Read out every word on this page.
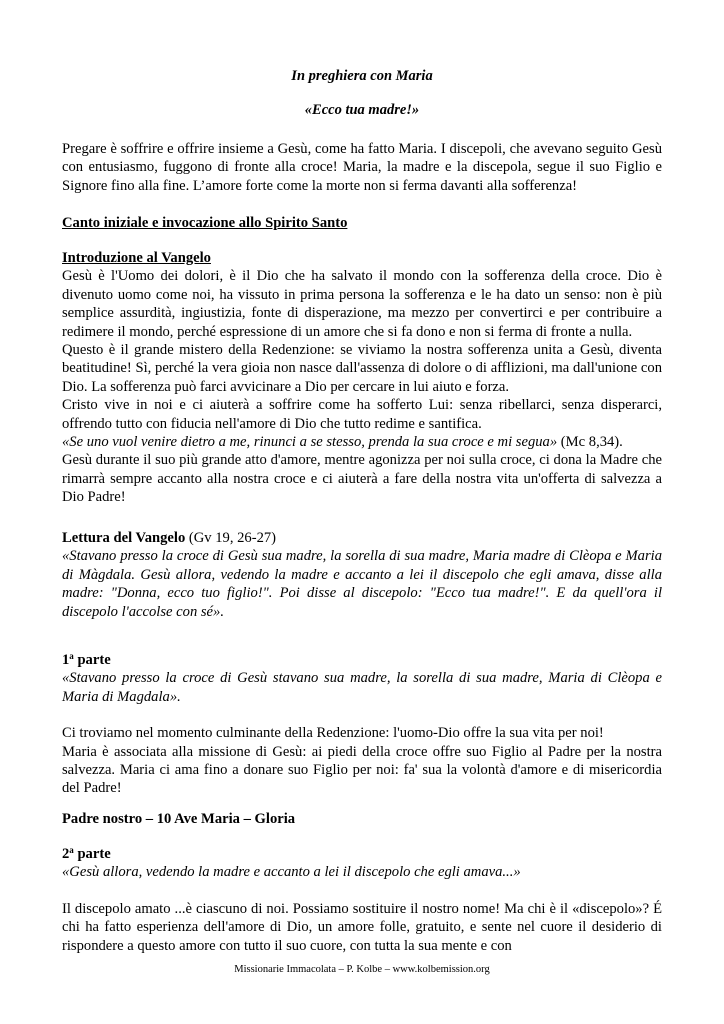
In preghiera con Maria
«Ecco tua madre!»

Pregare è soffrire e offrire insieme a Gesù, come ha fatto Maria. I discepoli, che avevano seguito Gesù con entusiasmo, fuggono di fronte alla croce! Maria, la madre e la discepola, segue il suo Figlio e Signore fino alla fine. L’amore forte come la morte non si ferma davanti alla sofferenza!

Canto iniziale e invocazione allo Spirito Santo

Introduzione al Vangelo

Gesù è l'Uomo dei dolori, è il Dio che ha salvato il mondo con la sofferenza della croce. Dio è divenuto uomo come noi, ha vissuto in prima persona la sofferenza e le ha dato un senso: non è più semplice assurdità, ingiustizia, fonte di disperazione, ma mezzo per convertirci e per contribuire a redimere il mondo, perché espressione di un amore che si fa dono e non si ferma di fronte a nulla.

Questo è il grande mistero della Redenzione: se viviamo la nostra sofferenza unita a Gesù, diventa beatitudine! Sì, perché la vera gioia non nasce dall'assenza di dolore o di afflizioni, ma dall'unione con Dio. La sofferenza può farci avvicinare a Dio per cercare in lui aiuto e forza.

Cristo vive in noi e ci aiuterà a soffrire come ha sofferto Lui: senza ribellarci, senza disperarci, offrendo tutto con fiducia nell'amore di Dio che tutto redime e santifica.

«Se uno vuol venire dietro a me, rinunci a se stesso, prenda la sua croce e mi segua» (Mc 8,34).

Gesù durante il suo più grande atto d'amore, mentre agonizza per noi sulla croce, ci dona la Madre che rimarrà sempre accanto alla nostra croce e ci aiuterà a fare della nostra vita un'offerta di salvezza a Dio Padre!

Lettura del Vangelo (Gv 19, 26-27)

«Stavano presso la croce di Gesù sua madre, la sorella di sua madre, Maria madre di Clèopa e Maria di Màgdala. Gesù allora, vedendo la madre e accanto a lei il discepolo che egli amava, disse alla madre: "Donna, ecco tuo figlio!". Poi disse al discepolo: "Ecco tua madre!". E da quell'ora il discepolo l'accolse con sé».

1$^a$ parte

«Stavano presso la croce di Gesù stavano sua madre, la sorella di sua madre, Maria di Clèopa e Maria di Magdala».

Ci troviamo nel momento culminante della Redenzione: l'uomo-Dio offre la sua vita per noi!

Maria è associata alla missione di Gesù: ai piedi della croce offre suo Figlio al Padre per la nostra salvezza. Maria ci ama fino a donare suo Figlio per noi: fa' sua la volontà d'amore e di misericordia del Padre!

Padre nostro – 10 Ave Maria – Gloria

2$^a$ parte

«Gesù allora, vedendo la madre e accanto a lei il discepolo che egli amava...»

Il discepolo amato ...è ciascuno di noi. Possiamo sostituire il nostro nome! Ma chi è il «discepolo»? É chi ha fatto esperienza dell'amore di Dio, un amore folle, gratuito, e sente nel cuore il desiderio di rispondere a questo amore con tutto il suo cuore, con tutta la sua mente e con

Missionarie Immacolata – P. Kolbe – www.kolbemission.org
